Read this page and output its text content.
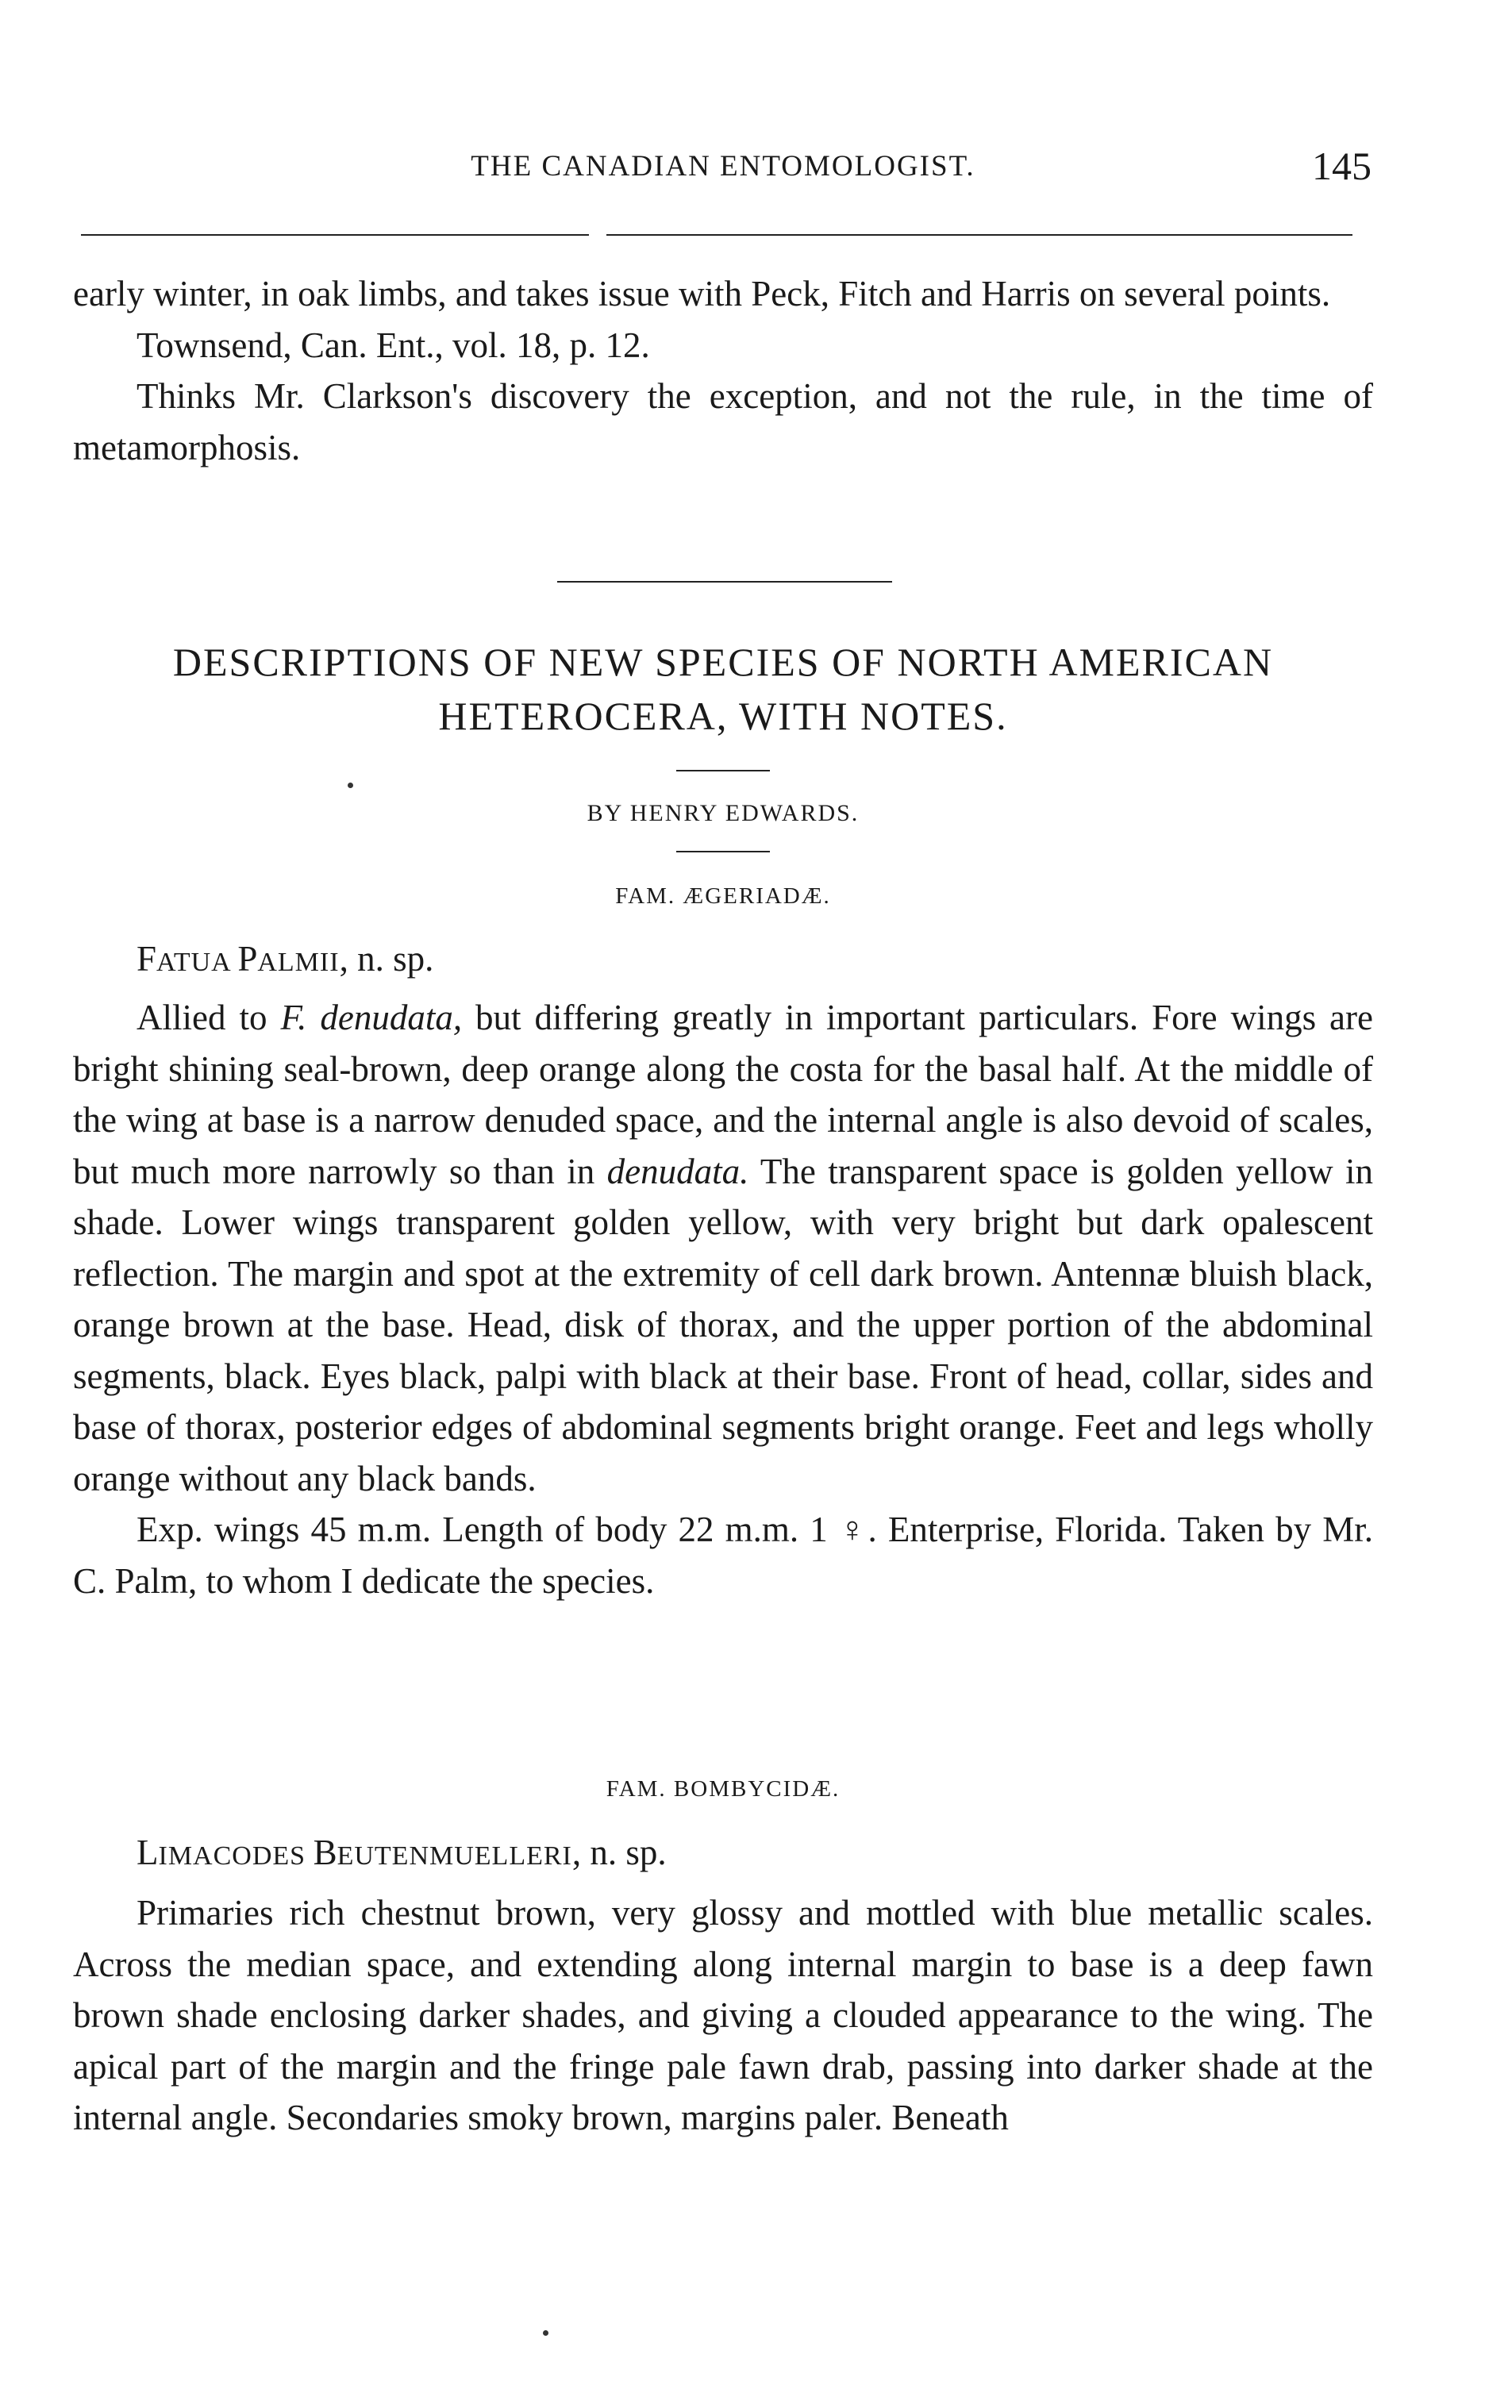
THE CANADIAN ENTOMOLOGIST.	145

early winter, in oak limbs, and takes issue with Peck, Fitch and Harris on several points.

Townsend, Can. Ent., vol. 18, p. 12.

Thinks Mr. Clarkson's discovery the exception, and not the rule, in the time of metamorphosis.

DESCRIPTIONS OF NEW SPECIES OF NORTH AMERICAN
HETEROCERA, WITH NOTES.
BY HENRY EDWARDS.
FAM. ÆGERIADÆ.
FATUA PALMII, n. sp.

Allied to F. denudata, but differing greatly in important particulars. Fore wings are bright shining seal-brown, deep orange along the costa for the basal half. At the middle of the wing at base is a narrow denuded space, and the internal angle is also devoid of scales, but much more narrowly so than in denudata. The transparent space is golden yellow in shade. Lower wings transparent golden yellow, with very bright but dark opalescent reflection. The margin and spot at the extremity of cell dark brown. Antennæ bluish black, orange brown at the base. Head, disk of thorax, and the upper portion of the abdominal segments, black. Eyes black, palpi with black at their base. Front of head, collar, sides and base of thorax, posterior edges of abdominal segments bright orange. Feet and legs wholly orange without any black bands.

Exp. wings 45 m.m. Length of body 22 m.m. 1 ♀. Enterprise, Florida. Taken by Mr. C. Palm, to whom I dedicate the species.

FAM. BOMBYCIDÆ.
LIMACODES BEUTENMUELLERI, n. sp.

Primaries rich chestnut brown, very glossy and mottled with blue metallic scales. Across the median space, and extending along internal margin to base is a deep fawn brown shade enclosing darker shades, and giving a clouded appearance to the wing. The apical part of the margin and the fringe pale fawn drab, passing into darker shade at the internal angle. Secondaries smoky brown, margins paler. Beneath
